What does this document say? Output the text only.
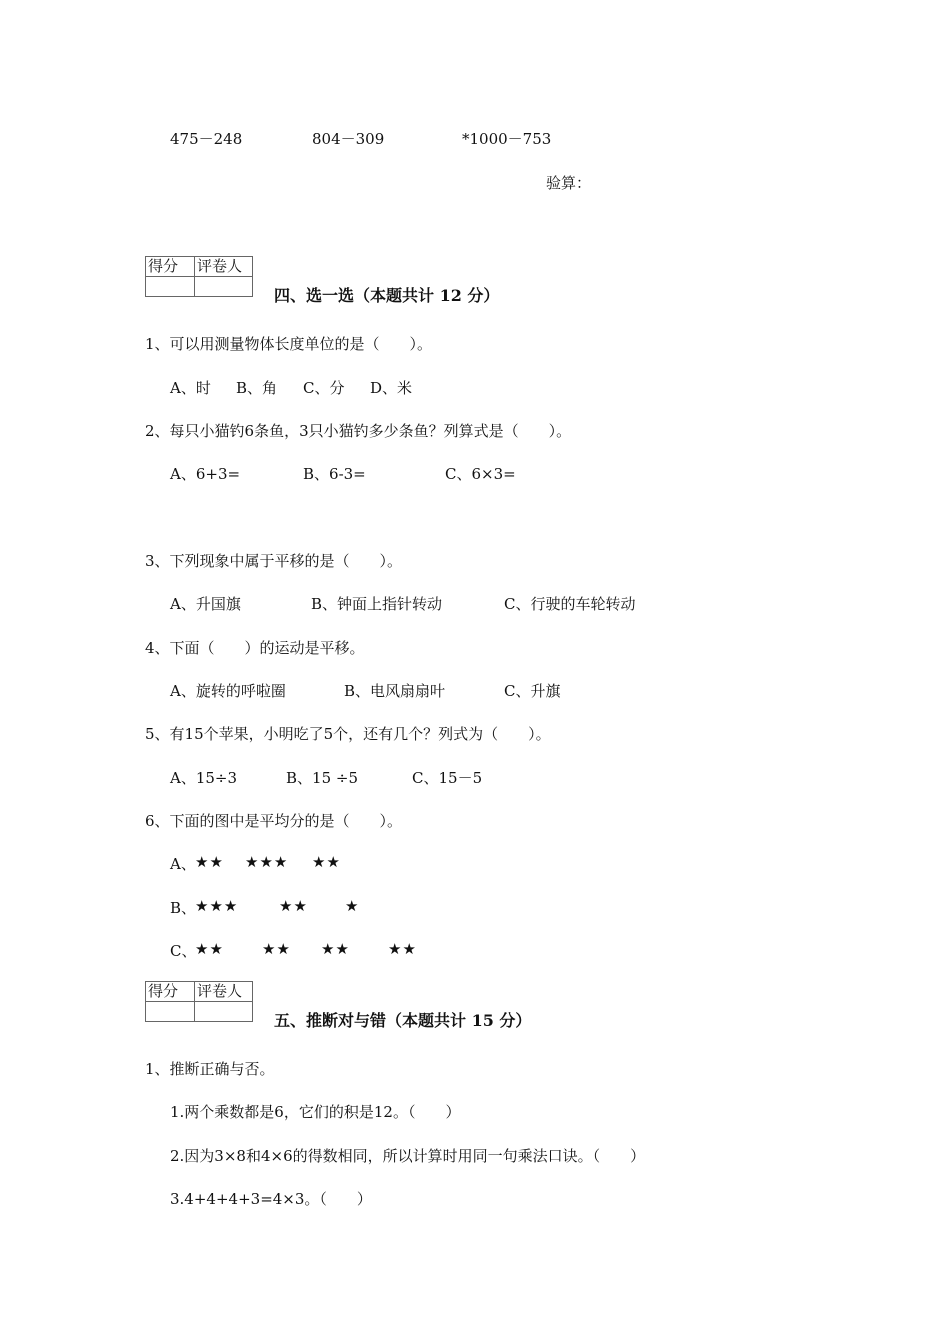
475－248	804－309	*1000－753
验算：
得分	评卷人

四、选一选（本题共计 12 分）
1、可以用测量物体长度单位的是（　　）。
A、时 B、角 C、分 D、米
2、每只小猫钓6条鱼，3只小猫钓多少条鱼？列算式是（　　）。
A、6+3=	B、6-3=	C、6×3=
3、下列现象中属于平移的是（　　）。
A、升国旗	B、钟面上指针转动	C、行驶的车轮转动
4、下面（　　）的运动是平移。
A、旋转的呼啦圈	B、电风扇扇叶	C、升旗
5、有15个苹果，小明吃了5个，还有几个？列式为（　　）。
A、15÷3	B、15 ÷5	C、15－5
6、下面的图中是平均分的是（　　）。
A、 ★★ ★★★ ★★
B、
★★★	★★ ★
C、
★★	★★ ★★	★★
得分	评卷人

五、推断对与错（本题共计 15 分）
1、推断正确与否。
1.两个乘数都是6，它们的积是12。（　　）
2.因为3×8和4×6的得数相同，所以计算时用同一句乘法口诀。（　　）
3.4+4+4+3=4×3。（　　）
